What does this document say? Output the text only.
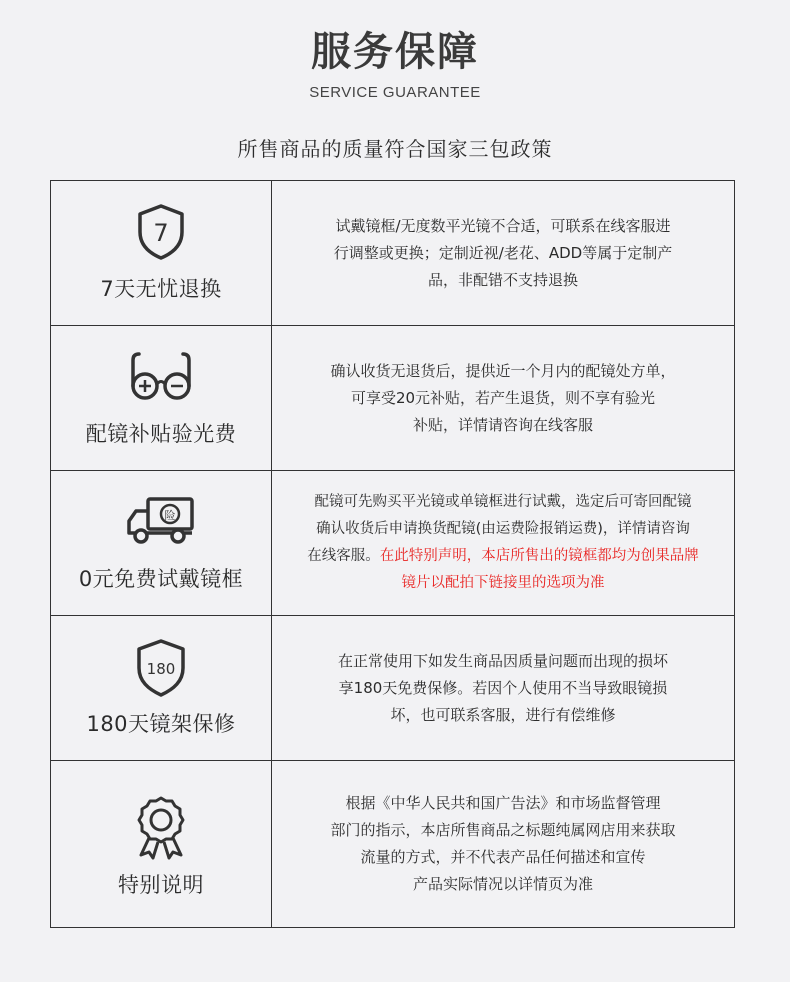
服务保障
SERVICE GUARANTEE
所售商品的质量符合国家三包政策
7
7天无忧退换
试戴镜框/无度数平光镜不合适，可联系在线客服进
行调整或更换；定制近视/老花、ADD等属于定制产
品，非配错不支持退换
配镜补贴验光费
确认收货无退货后，提供近一个月内的配镜处方单，
可享受20元补贴，若产生退货，则不享有验光
补贴，详情请咨询在线客服
险
0元免费试戴镜框
配镜可先购买平光镜或单镜框进行试戴，选定后可寄回配镜
确认收货后申请换货配镜(由运费险报销运费)，详情请咨询
在线客服。在此特别声明，本店所售出的镜框都均为创果品牌
镜片以配拍下链接里的选项为准
180
180天镜架保修
在正常使用下如发生商品因质量问题而出现的损坏
享180天免费保修。若因个人使用不当导致眼镜损
坏，也可联系客服，进行有偿维修
特别说明
根据《中华人民共和国广告法》和市场监督管理
部门的指示，本店所售商品之标题纯属网店用来获取
流量的方式，并不代表产品任何描述和宣传
产品实际情况以详情页为准
